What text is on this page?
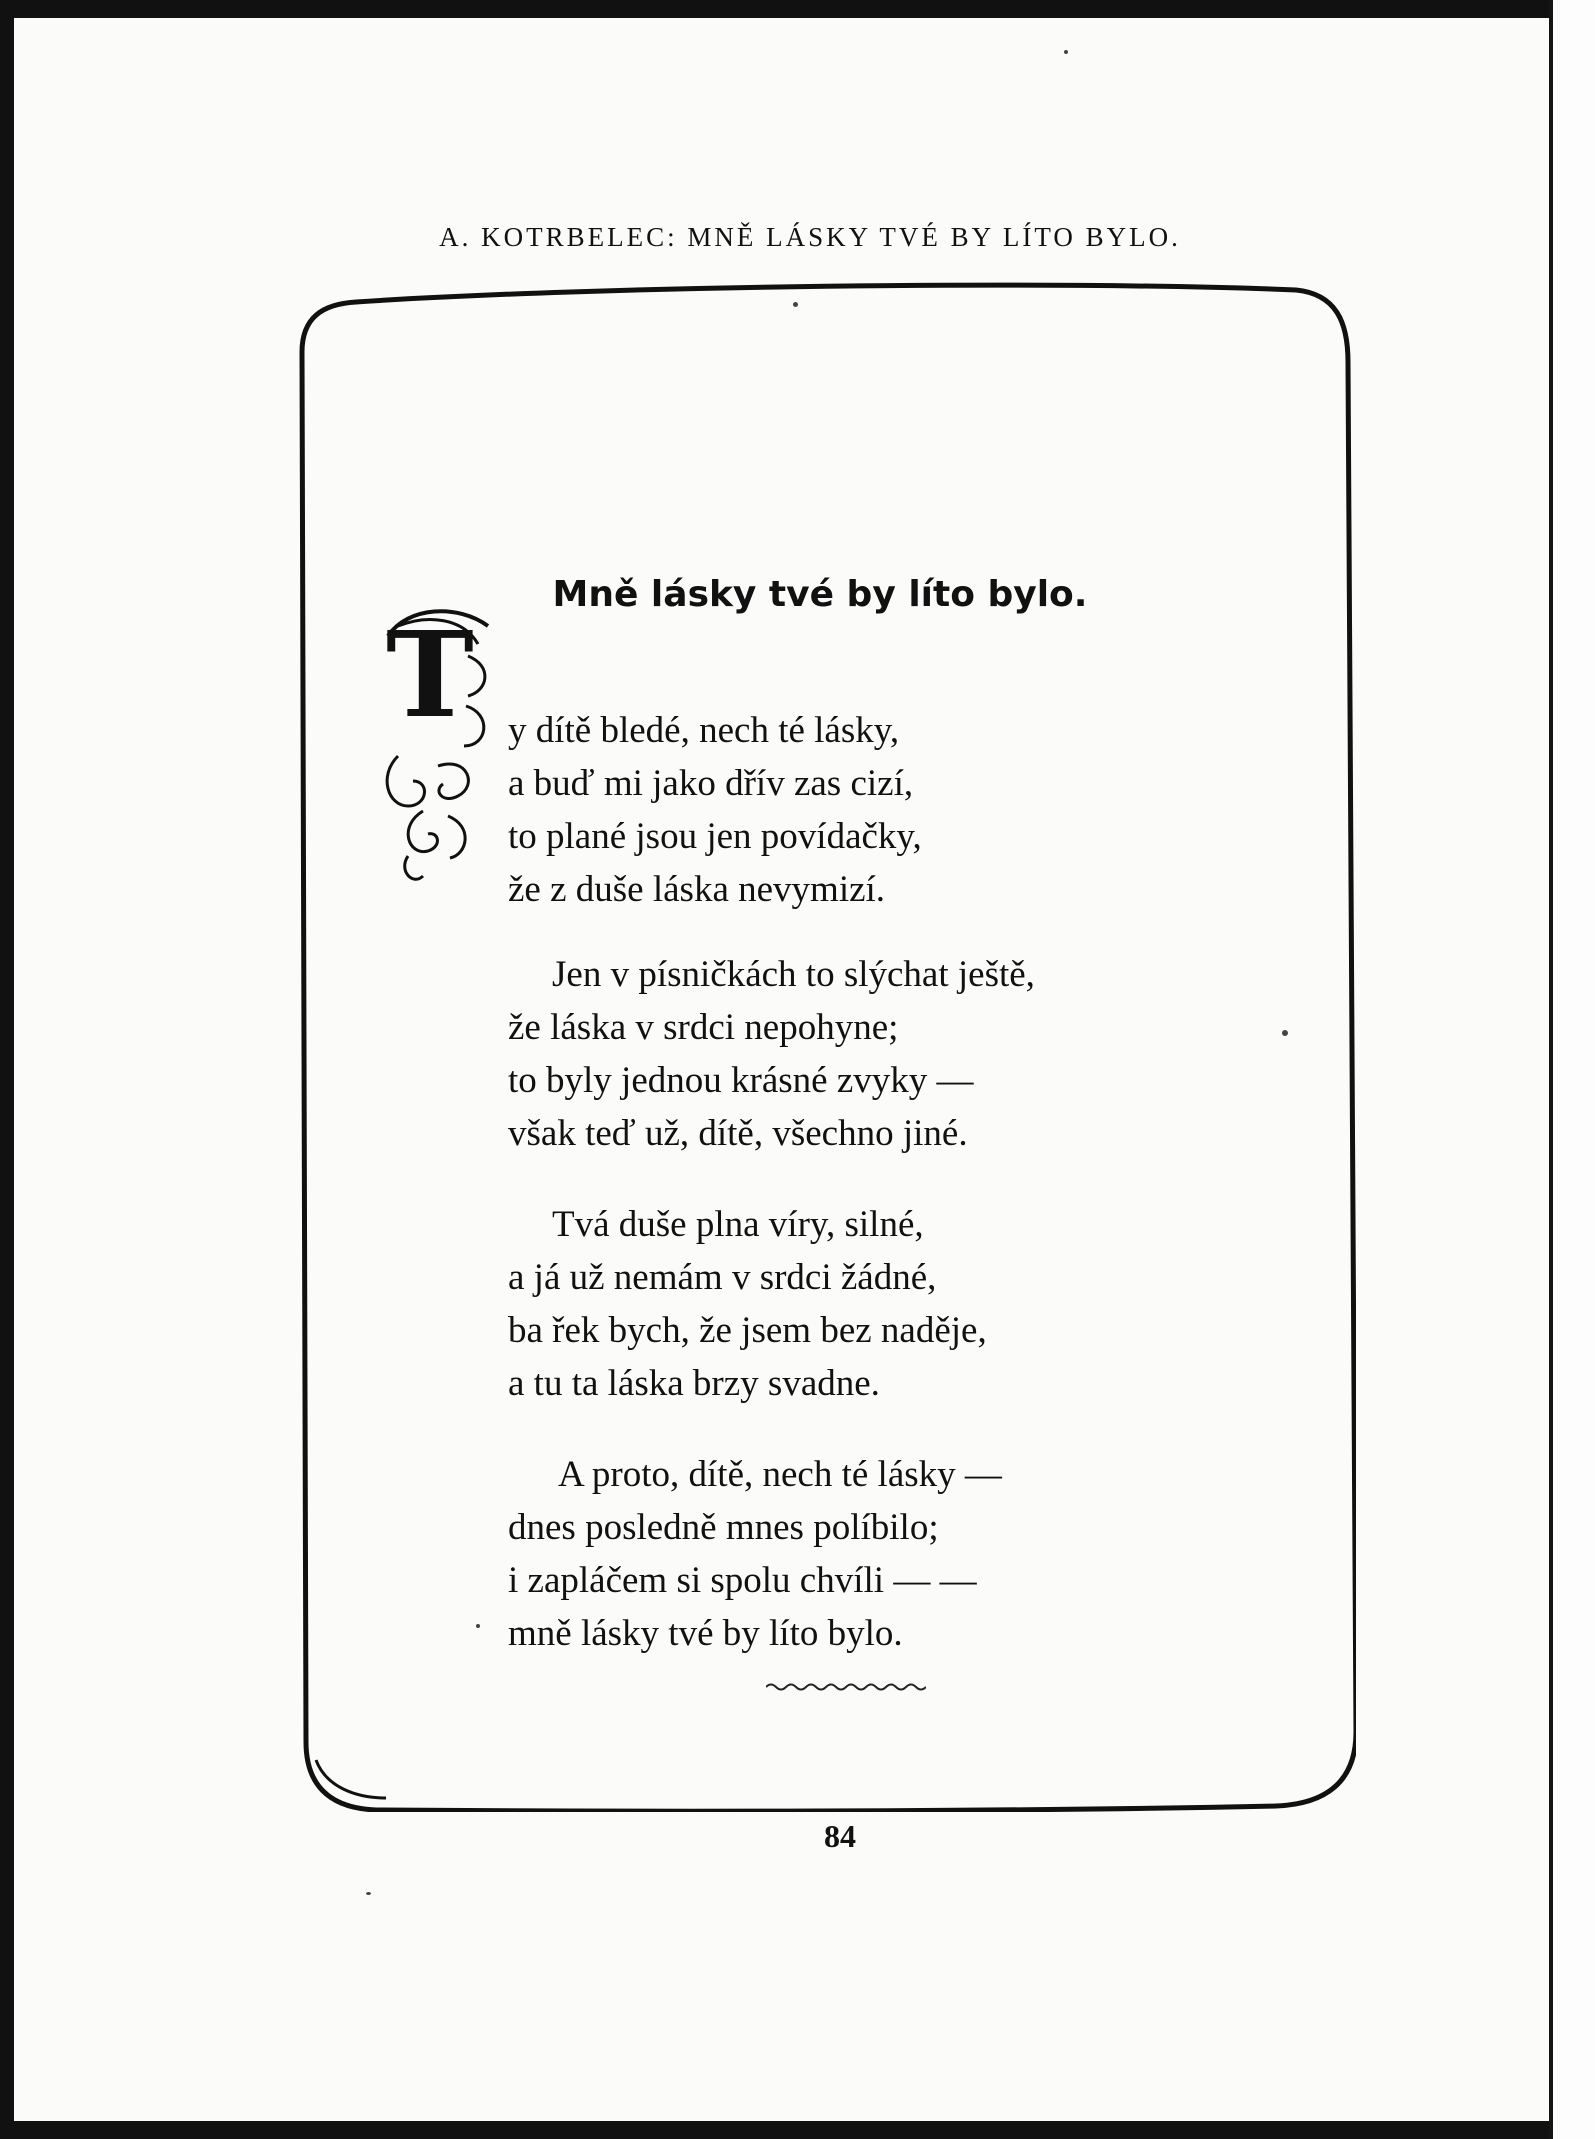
A. KOTRBELEC: MNĚ LÁSKY TVÉ BY LÍTO BYLO.
Mně lásky tvé by líto bylo.
T y dítě bledé, nech té lásky,
a buď mi jako dřív zas cizí,
to plané jsou jen povídačky,
že z duše láska nevymizí.
Jen v písničkách to slýchat ještě,
že láska v srdci nepohyne;
to byly jednou krásné zvyky —
však teď už, dítě, všechno jiné.
Tvá duše plna víry, silné,
a já už nemám v srdci žádné,
ba řek bych, že jsem bez naděje,
a tu ta láska brzy svadne.
A proto, dítě, nech té lásky —
dnes posledně mnes políbilo;
i zapláčem si spolu chvíli — —
mně lásky tvé by líto bylo.
84
